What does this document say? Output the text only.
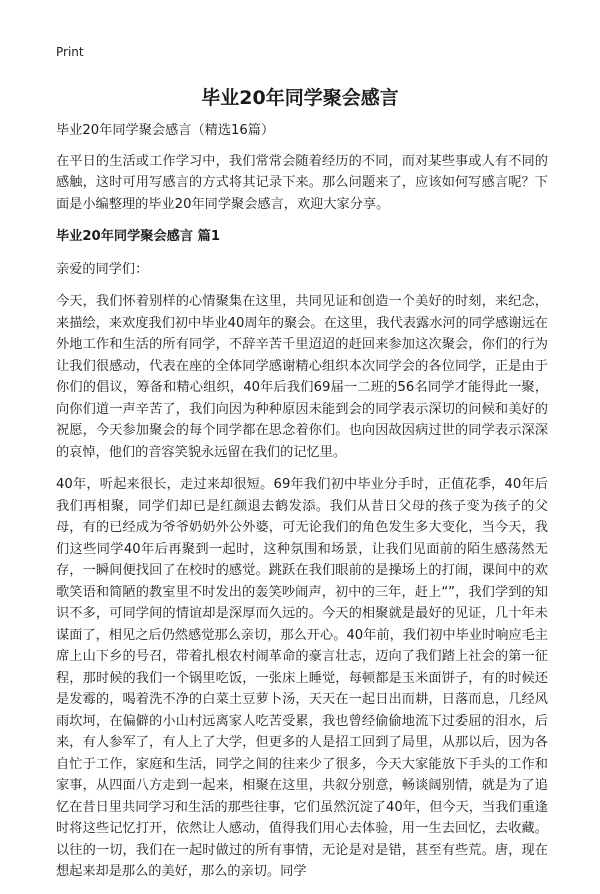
Print
毕业20年同学聚会感言

毕业20年同学聚会感言（精选16篇）

在平日的生活或工作学习中，我们常常会随着经历的不同，而对某些事或人有不同的感触，这时可用写感言的方式将其记录下来。那么问题来了，应该如何写感言呢？下面是小编整理的毕业20年同学聚会感言，欢迎大家分享。

毕业20年同学聚会感言 篇1

亲爱的同学们：

今天，我们怀着别样的心情聚集在这里，共同见证和创造一个美好的时刻，来纪念，来描绘，来欢度我们初中毕业40周年的聚会。在这里，我代表露水河的同学感谢远在外地工作和生活的所有同学，不辞辛苦千里迢迢的赶回来参加这次聚会，你们的行为让我们很感动，代表在座的全体同学感谢精心组织本次同学会的各位同学，正是由于你们的倡议，筹备和精心组织，40年后我们69届一二班的56名同学才能得此一聚，向你们道一声辛苦了，我们向因为种种原因未能到会的同学表示深切的问候和美好的祝愿，今天参加聚会的每个同学都在思念着你们。也向因故因病过世的同学表示深深的哀悼，他们的音容笑貌永远留在我们的记忆里。

40年，听起来很长，走过来却很短。69年我们初中毕业分手时，正值花季，40年后我们再相聚，同学们却已是红颜退去鹤发添。我们从昔日父母的孩子变为孩子的父母，有的已经成为爷爷奶奶外公外婆，可无论我们的角色发生多大变化，当今天，我们这些同学40年后再聚到一起时，这种氛围和场景，让我们见面前的陌生感荡然无存，一瞬间便找回了在校时的感觉。跳跃在我们眼前的是操场上的打闹，课间中的欢歌笑语和简陋的教室里不时发出的轰笑吵闹声，初中的三年，赶上“”，我们学到的知识不多，可同学间的情谊却是深厚而久远的。今天的相聚就是最好的见证，几十年未谋面了，相见之后仍然感觉那么亲切，那么开心。40年前，我们初中毕业时响应毛主席上山下乡的号召，带着扎根农村闹革命的豪言壮志，迈向了我们踏上社会的第一征程，那时候的我们一个锅里吃饭，一张床上睡觉，每顿都是玉米面饼子，有的时候还是发霉的，喝着洗不净的白菜土豆萝卜汤，天天在一起日出而耕，日落而息，几经风雨坎坷，在偏僻的小山村远离家人吃苦受累，我也曾经偷偷地流下过委屈的泪水，后来，有人参军了，有人上了大学，但更多的人是招工回到了局里，从那以后，因为各自忙于工作，家庭和生活，同学之间的往来少了很多，今天大家能放下手头的工作和家事，从四面八方走到一起来，相聚在这里，共叙分别意，畅谈阔别情，就是为了追忆在昔日里共同学习和生活的那些往事，它们虽然沉淀了40年，但今天，当我们重逢时将这些记忆打开，依然让人感动，值得我们用心去体验，用一生去回忆，去收藏。以往的一切，我们在一起时做过的所有事情，无论是对是错，甚至有些荒。唐，现在想起来却是那么的美好，那么的亲切。同学
